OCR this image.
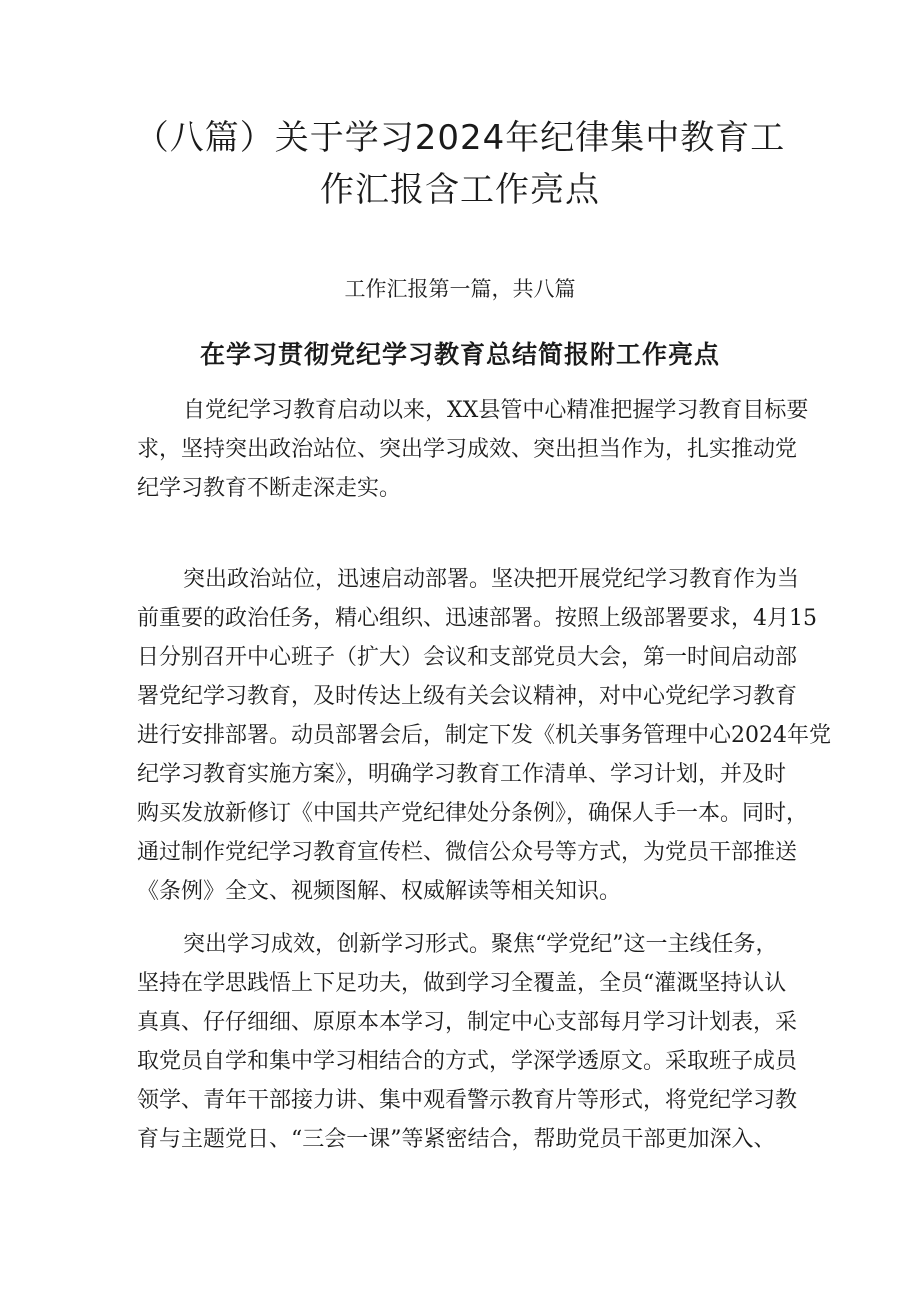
（八篇）关于学习2024年纪律集中教育工
作汇报含工作亮点

工作汇报第一篇，共八篇

在学习贯彻党纪学习教育总结简报附工作亮点

自党纪学习教育启动以来，XX县管中心精准把握学习教育目标要
求，坚持突出政治站位、突出学习成效、突出担当作为，扎实推动党
纪学习教育不断走深走实。

突出政治站位，迅速启动部署。坚决把开展党纪学习教育作为当
前重要的政治任务，精心组织、迅速部署。按照上级部署要求，4月15
日分别召开中心班子（扩大）会议和支部党员大会，第一时间启动部
署党纪学习教育，及时传达上级有关会议精神，对中心党纪学习教育
进行安排部署。动员部署会后，制定下发《机关事务管理中心2024年党
纪学习教育实施方案》，明确学习教育工作清单、学习计划，并及时
购买发放新修订《中国共产党纪律处分条例》，确保人手一本。同时，
通过制作党纪学习教育宣传栏、微信公众号等方式，为党员干部推送
《条例》全文、视频图解、权威解读等相关知识。

突出学习成效，创新学习形式。聚焦“学党纪”这一主线任务，
坚持在学思践悟上下足功夫，做到学习全覆盖，全员“灌溉坚持认认
真真、仔仔细细、原原本本学习，制定中心支部每月学习计划表，采
取党员自学和集中学习相结合的方式，学深学透原文。采取班子成员
领学、青年干部接力讲、集中观看警示教育片等形式，将党纪学习教
育与主题党日、“三会一课”等紧密结合，帮助党员干部更加深入、
